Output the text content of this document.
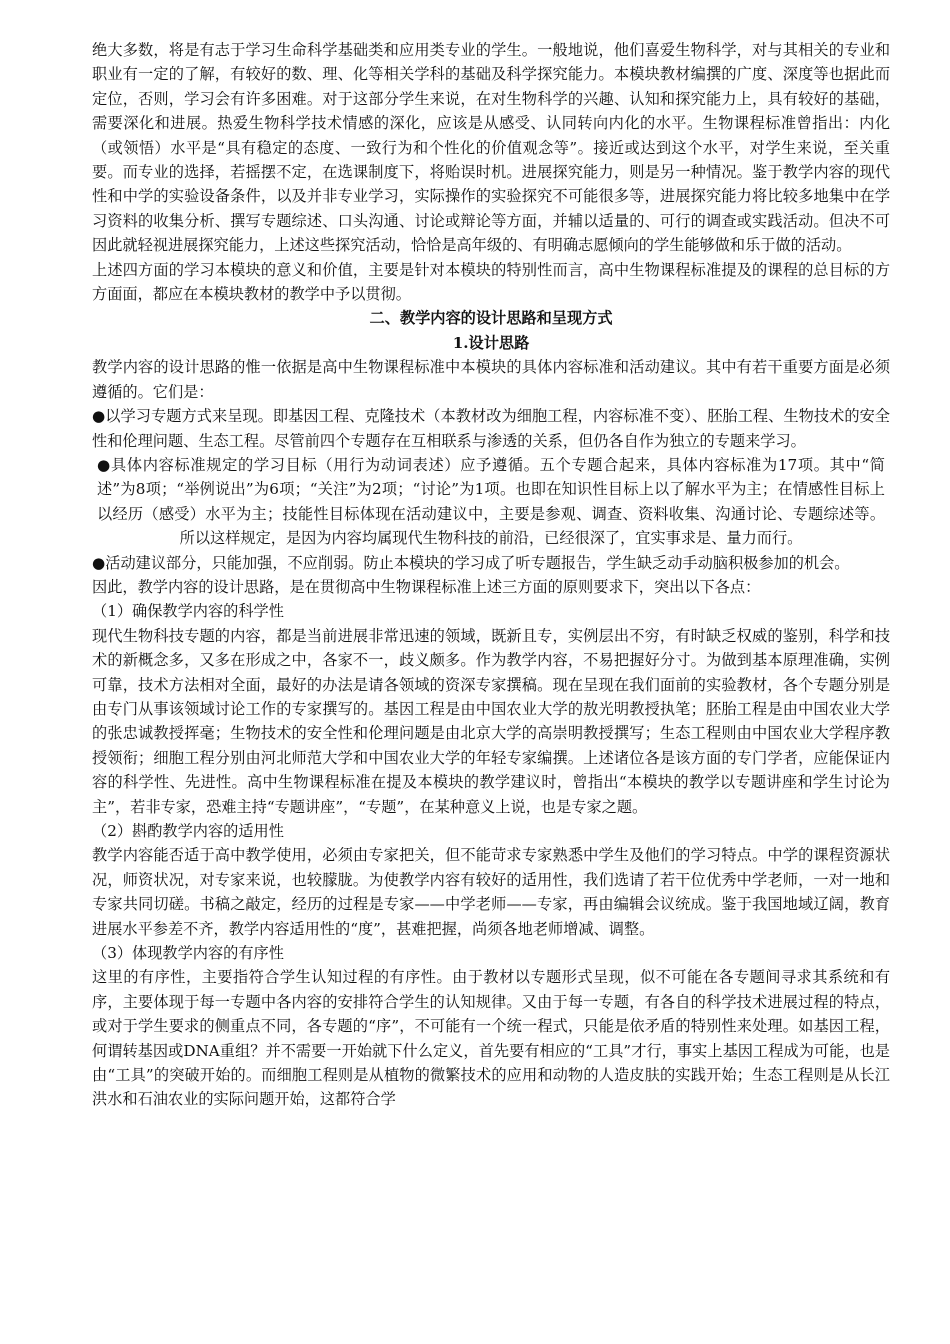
绝大多数，将是有志于学习生命科学基础类和应用类专业的学生。一般地说，他们喜爱生物科学，对与其相关的专业和职业有一定的了解，有较好的数、理、化等相关学科的基础及科学探究能力。本模块教材编撰的广度、深度等也据此而定位，否则，学习会有许多困难。对于这部分学生来说，在对生物科学的兴趣、认知和探究能力上，具有较好的基础，需要深化和进展。热爱生物科学技术情感的深化，应该是从感受、认同转向内化的水平。生物课程标准曾指出：内化（或领悟）水平是“具有稳定的态度、一致行为和个性化的价值观念等”。接近或达到这个水平，对学生来说，至关重要。而专业的选择，若摇摆不定，在选课制度下，将贻误时机。进展探究能力，则是另一种情况。鉴于教学内容的现代性和中学的实验设备条件，以及并非专业学习，实际操作的实验探究不可能很多等，进展探究能力将比较多地集中在学习资料的收集分析、撰写专题综述、口头沟通、讨论或辩论等方面，并辅以适量的、可行的调查或实践活动。但决不可因此就轻视进展探究能力，上述这些探究活动，恰恰是高年级的、有明确志愿倾向的学生能够做和乐于做的活动。

上述四方面的学习本模块的意义和价值，主要是针对本模块的特别性而言，高中生物课程标准提及的课程的总目标的方方面面，都应在本模块教材的教学中予以贯彻。

二、教学内容的设计思路和呈现方式

1.设计思路

教学内容的设计思路的惟一依据是高中生物课程标准中本模块的具体内容标准和活动建议。其中有若干重要方面是必须遵循的。它们是：

●以学习专题方式来呈现。即基因工程、克隆技术（本教材改为细胞工程，内容标准不变）、胚胎工程、生物技术的安全性和伦理问题、生态工程。尽管前四个专题存在互相联系与渗透的关系，但仍各自作为独立的专题来学习。

●具体内容标准规定的学习目标（用行为动词表述）应予遵循。五个专题合起来，具体内容标准为17项。其中“简述”为8项；“举例说出”为6项；“关注”为2项；“讨论”为1项。也即在知识性目标上以了解水平为主；在情感性目标上以经历（感受）水平为主；技能性目标体现在活动建议中，主要是参观、调查、资料收集、沟通讨论、专题综述等。所以这样规定，是因为内容均属现代生物科技的前沿，已经很深了，宜实事求是、量力而行。

●活动建议部分，只能加强，不应削弱。防止本模块的学习成了听专题报告，学生缺乏动手动脑积极参加的机会。

因此，教学内容的设计思路，是在贯彻高中生物课程标准上述三方面的原则要求下，突出以下各点：

（1）确保教学内容的科学性

现代生物科技专题的内容，都是当前进展非常迅速的领域，既新且专，实例层出不穷，有时缺乏权威的鉴别，科学和技术的新概念多，又多在形成之中，各家不一，歧义颇多。作为教学内容，不易把握好分寸。为做到基本原理准确，实例可靠，技术方法相对全面，最好的办法是请各领域的资深专家撰稿。现在呈现在我们面前的实验教材，各个专题分别是由专门从事该领域讨论工作的专家撰写的。基因工程是由中国农业大学的敖光明教授执笔；胚胎工程是由中国农业大学的张忠诚教授挥毫；生物技术的安全性和伦理问题是由北京大学的高崇明教授撰写；生态工程则由中国农业大学程序教授领衔；细胞工程分别由河北师范大学和中国农业大学的年轻专家编撰。上述诸位各是该方面的专门学者，应能保证内容的科学性、先进性。高中生物课程标准在提及本模块的教学建议时，曾指出“本模块的教学以专题讲座和学生讨论为主”，若非专家，恐难主持“专题讲座”，“专题”，在某种意义上说，也是专家之题。

（2）斟酌教学内容的适用性

教学内容能否适于高中教学使用，必须由专家把关，但不能苛求专家熟悉中学生及他们的学习特点。中学的课程资源状况，师资状况，对专家来说，也较朦胧。为使教学内容有较好的适用性，我们选请了若干位优秀中学老师，一对一地和专家共同切磋。书稿之敲定，经历的过程是专家——中学老师——专家，再由编辑会议统成。鉴于我国地域辽阔，教育进展水平参差不齐，教学内容适用性的“度”，甚难把握，尚须各地老师增减、调整。

（3）体现教学内容的有序性

这里的有序性，主要指符合学生认知过程的有序性。由于教材以专题形式呈现，似不可能在各专题间寻求其系统和有序，主要体现于每一专题中各内容的安排符合学生的认知规律。又由于每一专题，有各自的科学技术进展过程的特点，或对于学生要求的侧重点不同，各专题的“序”，不可能有一个统一程式，只能是依矛盾的特别性来处理。如基因工程，何谓转基因或DNA重组？并不需要一开始就下什么定义，首先要有相应的“工具”才行，事实上基因工程成为可能，也是由“工具”的突破开始的。而细胞工程则是从植物的微繁技术的应用和动物的人造皮肤的实践开始；生态工程则是从长江洪水和石油农业的实际问题开始，这都符合学
